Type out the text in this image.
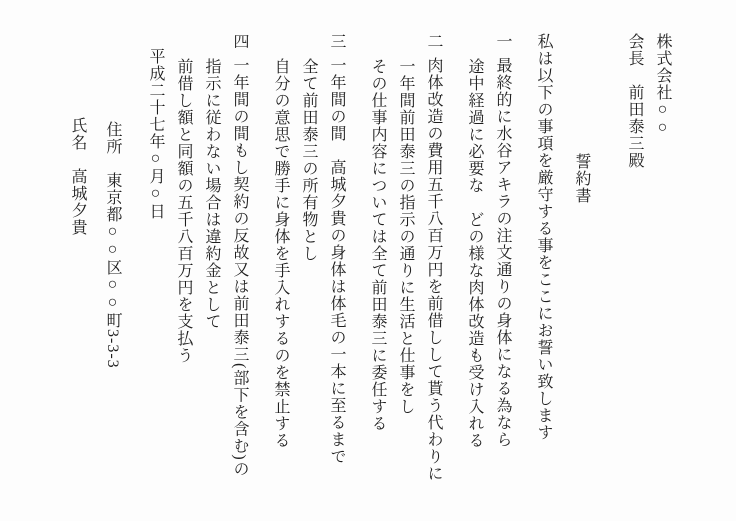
株式会社○○

会長　前田泰三殿

誓約書

私は以下の事項を厳守する事をここにお誓い致します

一最終的に水谷アキラの注文通りの身体になる為なら

途中経過に必要な　どの様な肉体改造も受け入れる

二肉体改造の費用五千八百万円を前借しして貰う代わりに

一年間前田泰三の指示の通りに生活と仕事をし

その仕事内容については全て前田泰三に委任する

三一年間の間　高城夕貴の身体は体毛の一本に至るまで

全て前田泰三の所有物とし

自分の意思で勝手に身体を手入れするのを禁止する

四一年間の間もし契約の反故又は前田泰三(部下を含む)の

指示に従わない場合は違約金として

前借し額と同額の五千八百万円を支払う

平成二十七年○月○日

住所　東京都○○区○○町3-3-3

氏名　高城夕貴
